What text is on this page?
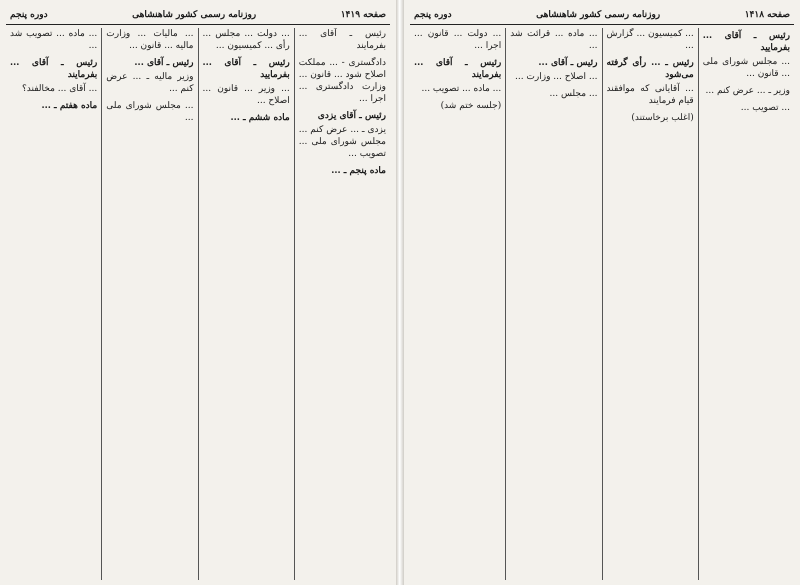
صفحه ۱۴۱۹
روزنامه رسمی کشور شاهنشاهی
دوره پنجم

رئیس ـ آقای ... بفرمایند

دادگستری - ... مملکت اصلاح شود ... قانون ... وزارت دادگستری ... اجرا ...

رئیس ـ آقای یزدی

یزدی ـ ... عرض کنم ... مجلس شورای ملی ... تصویب ...

ماده پنجم ـ ...

... دولت ... مجلس ... رأی ... کمیسیون ...

رئیس ـ آقای ... بفرمایید

... وزیر ... قانون ... اصلاح ...

ماده ششم ـ ...

... مالیات ... وزارت مالیه ... قانون ...

رئیس ـ آقای ...

وزیر مالیه ـ ... عرض کنم ...

... مجلس شورای ملی ...

... ماده ... تصویب شد ...

رئیس ـ آقای ... بفرمایند

... آقای ... مخالفند؟

ماده هفتم ـ ...

صفحه ۱۴۱۸
روزنامه رسمی کشور شاهنشاهی
دوره پنجم

رئیس ـ آقای ... بفرمایید

... مجلس شورای ملی ... قانون ...

وزیر ـ ... عرض کنم ...

... تصویب ...

... کمیسیون ... گزارش ...

رئیس ـ ... رأی گرفته می‌شود

... آقایانی که موافقند قیام فرمایند

(اغلب برخاستند)

... ماده ... قرائت شد ...

رئیس ـ آقای ...

... اصلاح ... وزارت ...

... مجلس ...

... دولت ... قانون ... اجرا ...

رئیس ـ آقای ... بفرمایند

... ماده ... تصویب ...

(جلسه ختم شد)
